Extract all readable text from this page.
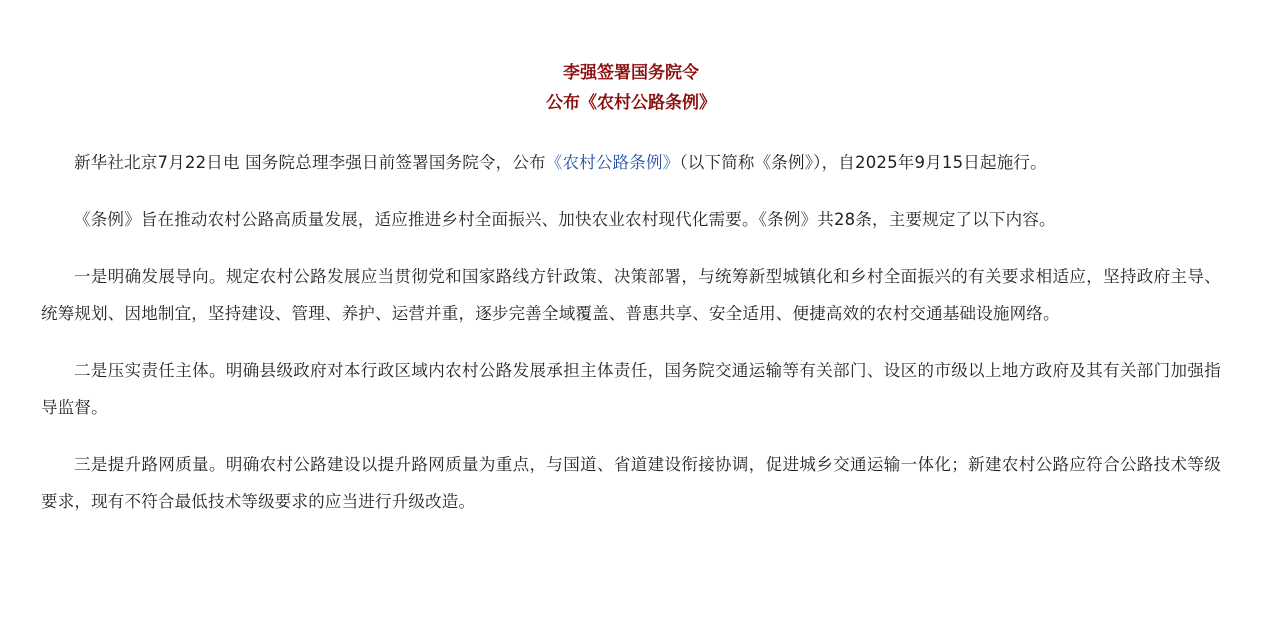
李强签署国务院令
公布《农村公路条例》

新华社北京7月22日电 国务院总理李强日前签署国务院令，公布《农村公路条例》（以下简称《条例》），自2025年9月15日起施行。

《条例》旨在推动农村公路高质量发展，适应推进乡村全面振兴、加快农业农村现代化需要。《条例》共28条，主要规定了以下内容。

一是明确发展导向。规定农村公路发展应当贯彻党和国家路线方针政策、决策部署，与统筹新型城镇化和乡村全面振兴的有关要求相适应，坚持政府主导、统筹规划、因地制宜，坚持建设、管理、养护、运营并重，逐步完善全域覆盖、普惠共享、安全适用、便捷高效的农村交通基础设施网络。

二是压实责任主体。明确县级政府对本行政区域内农村公路发展承担主体责任，国务院交通运输等有关部门、设区的市级以上地方政府及其有关部门加强指导监督。

三是提升路网质量。明确农村公路建设以提升路网质量为重点，与国道、省道建设衔接协调，促进城乡交通运输一体化；新建农村公路应符合公路技术等级要求，现有不符合最低技术等级要求的应当进行升级改造。
